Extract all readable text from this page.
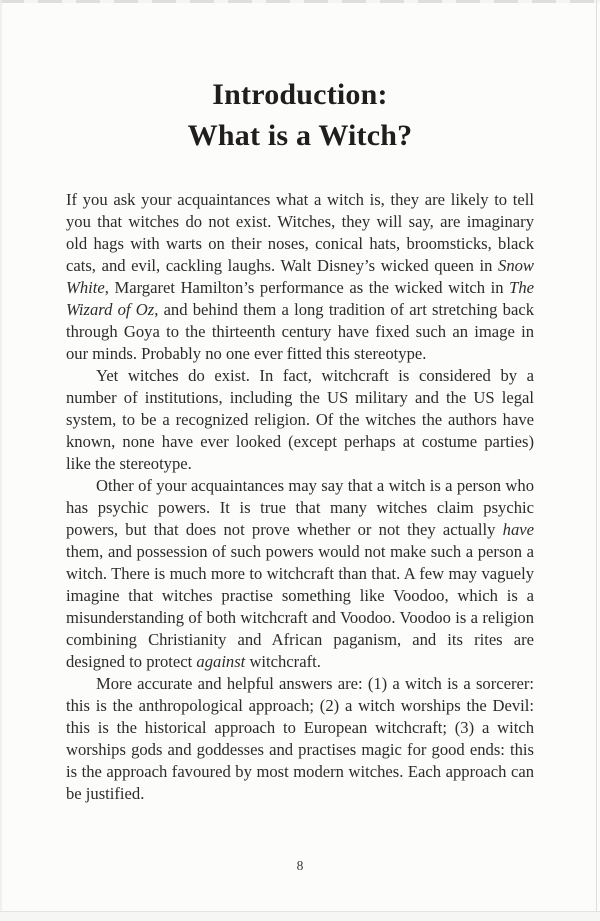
Introduction:
What is a Witch?

If you ask your acquaintances what a witch is, they are likely to tell you that witches do not exist. Witches, they will say, are imaginary old hags with warts on their noses, conical hats, broomsticks, black cats, and evil, cackling laughs. Walt Disney’s wicked queen in Snow White, Margaret Hamilton’s performance as the wicked witch in The Wizard of Oz, and behind them a long tradition of art stretching back through Goya to the thirteenth century have fixed such an image in our minds. Probably no one ever fitted this stereotype.

Yet witches do exist. In fact, witchcraft is considered by a number of institutions, including the US military and the US legal system, to be a recognized religion. Of the witches the authors have known, none have ever looked (except perhaps at costume parties) like the stereotype.

Other of your acquaintances may say that a witch is a person who has psychic powers. It is true that many witches claim psychic powers, but that does not prove whether or not they actually have them, and possession of such powers would not make such a person a witch. There is much more to witchcraft than that. A few may vaguely imagine that witches practise something like Voodoo, which is a misunderstanding of both witchcraft and Voodoo. Voodoo is a religion combining Christianity and African paganism, and its rites are designed to protect against witchcraft.

More accurate and helpful answers are: (1) a witch is a sorcerer: this is the anthropological approach; (2) a witch worships the Devil: this is the historical approach to European witchcraft; (3) a witch worships gods and goddesses and practises magic for good ends: this is the approach favoured by most modern witches. Each approach can be justified.

8
